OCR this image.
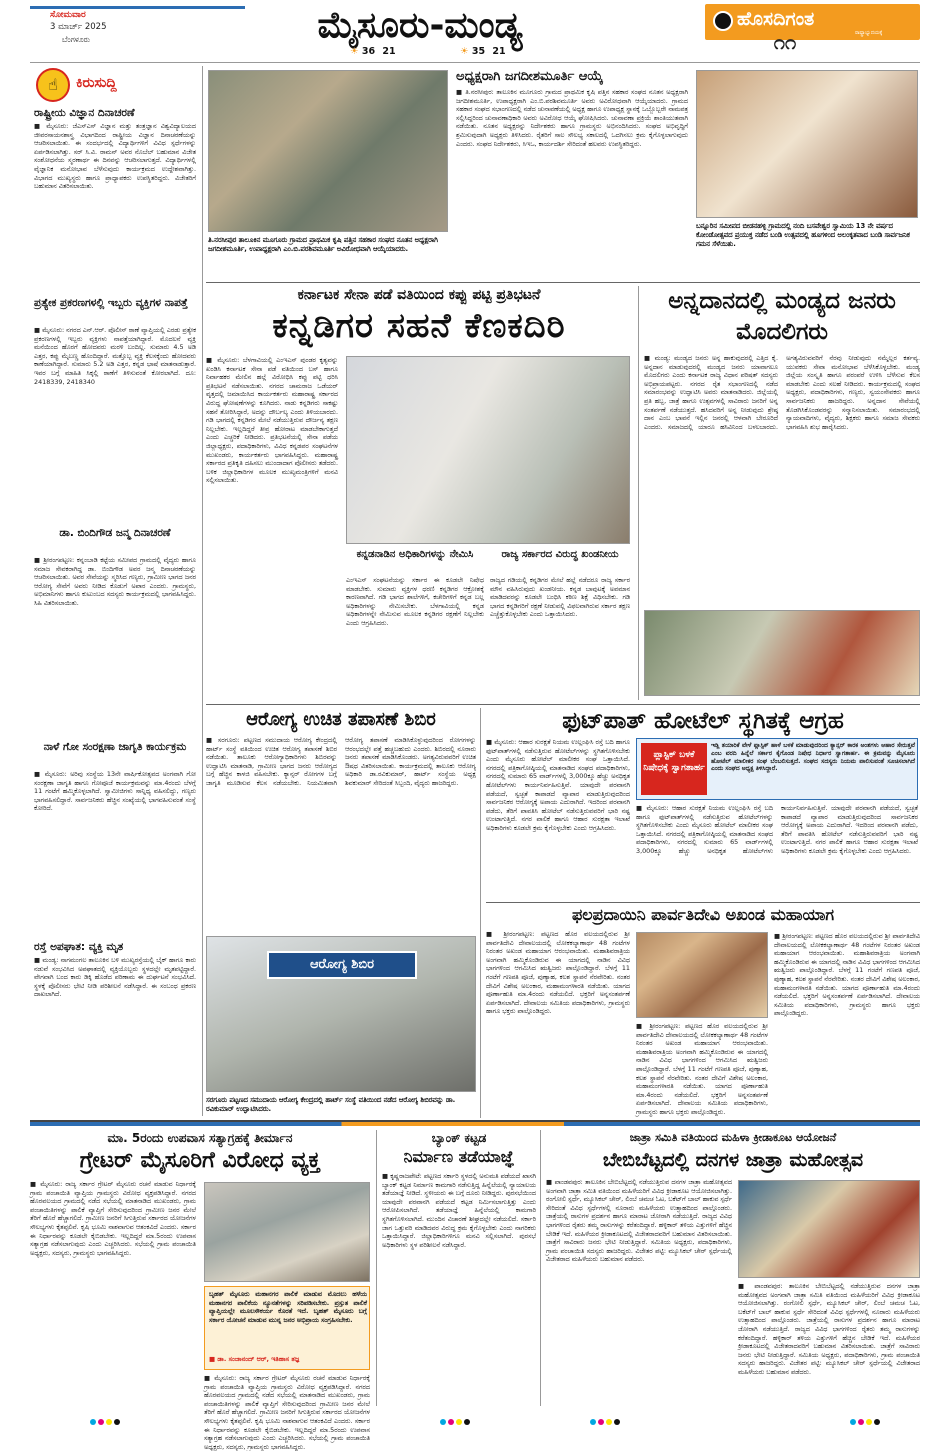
ಸೋಮವಾರ
3 ಮಾರ್ಚ್ 2025
ಬೆಂಗಳೂರು	ಮೈಸೂರು-ಮಂಡ್ಯ
☀ 36 21	☀ 35 21
ಹೊಸದಿಗಂತ
ರಾಷ್ಟ್ರಾಭ್ಯುದಯಕ್ಕೆ
೧೧
☝	ಕಿರುಸುದ್ದಿ
ರಾಷ್ಟ್ರೀಯ ವಿಜ್ಞಾನ ದಿನಾಚರಣೆ
■ ಮೈಸೂರು: ಜೆಎಸ್‌ಎಸ್ ವಿಜ್ಞಾನ ಮತ್ತು ತಂತ್ರಜ್ಞಾನ ವಿಶ್ವವಿದ್ಯಾಲಯದ ಜೀವರಸಾಯನಶಾಸ್ತ್ರ ವಿಭಾಗದಿಂದ ರಾಷ್ಟ್ರೀಯ ವಿಜ್ಞಾನ ದಿನಾಚರಣೆಯನ್ನು ಆಚರಿಸಲಾಯಿತು. ಈ ಸಂದರ್ಭದಲ್ಲಿ ವಿದ್ಯಾರ್ಥಿಗಳಿಗೆ ವಿವಿಧ ಸ್ಪರ್ಧೆಗಳನ್ನು ಏರ್ಪಡಿಸಲಾಗಿತ್ತು. ಸರ್ ಸಿ.ವಿ. ರಾಮನ್ ಅವರ ನೊಬೆಲ್ ಬಹುಮಾನ ವಿಜೇತ ಸಂಶೋಧನೆಯ ಸ್ಮರಣಾರ್ಥ ಈ ದಿನವನ್ನು ಆಚರಿಸಲಾಗುತ್ತದೆ. ವಿದ್ಯಾರ್ಥಿಗಳಲ್ಲಿ ವೈಜ್ಞಾನಿಕ ಮನೋಭಾವ ಬೆಳೆಸುವುದು ಕಾರ್ಯಕ್ರಮದ ಉದ್ದೇಶವಾಗಿತ್ತು. ವಿಭಾಗದ ಮುಖ್ಯಸ್ಥರು ಹಾಗೂ ಪ್ರಾಧ್ಯಾಪಕರು ಉಪಸ್ಥಿತರಿದ್ದರು. ವಿಜೇತರಿಗೆ ಬಹುಮಾನ ವಿತರಿಸಲಾಯಿತು.
ಪ್ರತ್ಯೇಕ ಪ್ರಕರಣಗಳಲ್ಲಿ ಇಬ್ಬರು ವ್ಯಕ್ತಿಗಳ ನಾಪತ್ತೆ
■ ಮೈಸೂರು: ನಗರದ ಎನ್.ಆರ್. ಪೊಲೀಸ್ ಠಾಣೆ ವ್ಯಾಪ್ತಿಯಲ್ಲಿ ಎರಡು ಪ್ರತ್ಯೇಕ ಪ್ರಕರಣಗಳಲ್ಲಿ ಇಬ್ಬರು ವ್ಯಕ್ತಿಗಳು ನಾಪತ್ತೆಯಾಗಿದ್ದಾರೆ. ಮೊದಲನೆ ವ್ಯಕ್ತಿ ಮನೆಯಿಂದ ಹೊರಗೆ ಹೋದವರು ಮರಳಿ ಬಂದಿಲ್ಲ. ಸುಮಾರು 4.5 ಅಡಿ ಎತ್ತರ, ಕಪ್ಪು ಮೈಬಣ್ಣ ಹೊಂದಿದ್ದಾರೆ. ಮತ್ತೊಬ್ಬ ವ್ಯಕ್ತಿ ಕೆಲಸಕ್ಕೆಂದು ಹೋದವರು ಕಾಣೆಯಾಗಿದ್ದಾರೆ. ಸುಮಾರು 5.2 ಅಡಿ ಎತ್ತರ, ಕನ್ನಡ ಭಾಷೆ ಮಾತನಾಡುತ್ತಾರೆ. ಇವರ ಬಗ್ಗೆ ಮಾಹಿತಿ ಸಿಕ್ಕಲ್ಲಿ ಠಾಣೆಗೆ ತಿಳಿಸುವಂತೆ ಕೋರಲಾಗಿದೆ. ದೂ: 2418339, 2418340
ಡಾ. ಬಿಂದಿಗೌಡ ಜನ್ಮ ದಿನಾಚರಣೆ
■ ಶ್ರೀರಂಗಪಟ್ಟಣ: ಕನ್ನಂಬಾಡಿ ಕಟ್ಟೆಯ ಸಮೀಪದ ಗ್ರಾಮದಲ್ಲಿ ವೈದ್ಯರು ಹಾಗೂ ಸಮಾಜ ಸೇವಕರಾಗಿದ್ದ ಡಾ. ಬಿಂದಿಗೌಡ ಅವರ ಜನ್ಮ ದಿನಾಚರಣೆಯನ್ನು ಆಚರಿಸಲಾಯಿತು. ಅವರ ಸೇವೆಯನ್ನು ಸ್ಮರಿಸಿದ ಗಣ್ಯರು, ಗ್ರಾಮೀಣ ಭಾಗದ ಜನರ ಆರೋಗ್ಯ ಸೇವೆಗೆ ಅವರು ನೀಡಿದ ಕೊಡುಗೆ ಅಪಾರ ಎಂದರು. ಗ್ರಾಮಸ್ಥರು, ಅಭಿಮಾನಿಗಳು ಹಾಗೂ ಕುಟುಂಬದ ಸದಸ್ಯರು ಕಾರ್ಯಕ್ರಮದಲ್ಲಿ ಭಾಗವಹಿಸಿದ್ದರು. ಸಿಹಿ ವಿತರಿಸಲಾಯಿತು.
ನಾಳೆ ಗೋ ಸಂರಕ್ಷಣಾ ಜಾಗೃತಿ ಕಾರ್ಯಕ್ರಮ
■ ಮೈಸೂರು: ಅರಿವು ಸಂಸ್ಥೆಯ 13ನೇ ವಾರ್ಷಿಕೋತ್ಸವದ ಅಂಗವಾಗಿ ಗೋ ಸಂರಕ್ಷಣಾ ಜಾಗೃತಿ ಹಾಗೂ ಗೋಪೂಜೆ ಕಾರ್ಯಕ್ರಮವನ್ನು ಮಾ.4ರಂದು ಬೆಳಗ್ಗೆ 11 ಗಂಟೆಗೆ ಹಮ್ಮಿಕೊಳ್ಳಲಾಗಿದೆ. ಸ್ವಾಮೀಜಿಗಳು ಸಾನ್ನಿಧ್ಯ ವಹಿಸಲಿದ್ದು, ಗಣ್ಯರು ಭಾಗವಹಿಸಲಿದ್ದಾರೆ. ಸಾರ್ವಜನಿಕರು ಹೆಚ್ಚಿನ ಸಂಖ್ಯೆಯಲ್ಲಿ ಭಾಗವಹಿಸುವಂತೆ ಸಂಸ್ಥೆ ಕೋರಿದೆ.
ರಸ್ತೆ ಅಪಘಾತ: ವ್ಯಕ್ತಿ ಮೃತ
■ ಮಂಡ್ಯ: ನಾಗಮಂಗಲ ತಾಲೂಕಿನ ಬಳಿ ಮುಖ್ಯರಸ್ತೆಯಲ್ಲಿ ಬೈಕ್ ಹಾಗೂ ಕಾರು ನಡುವೆ ಸಂಭವಿಸಿದ ಅಪಘಾತದಲ್ಲಿ ವ್ಯಕ್ತಿಯೊಬ್ಬರು ಸ್ಥಳದಲ್ಲೇ ಮೃತಪಟ್ಟಿದ್ದಾರೆ. ವೇಗವಾಗಿ ಬಂದ ಕಾರು ಡಿಕ್ಕಿ ಹೊಡೆದ ಪರಿಣಾಮ ಈ ದುರ್ಘಟನೆ ಸಂಭವಿಸಿದೆ. ಸ್ಥಳಕ್ಕೆ ಪೊಲೀಸರು ಭೇಟಿ ನೀಡಿ ಪರಿಶೀಲನೆ ನಡೆಸಿದ್ದಾರೆ. ಈ ಸಂಬಂಧ ಪ್ರಕರಣ ದಾಖಲಾಗಿದೆ.
ತಿ.ನರಸೀಪುರ ತಾಲೂಕಿನ ಮೂಗೂರು ಗ್ರಾಮದ ಪ್ರಾಥಮಿಕ ಕೃಷಿ ಪತ್ತಿನ ಸಹಕಾರ ಸಂಘದ ನೂತನ ಅಧ್ಯಕ್ಷರಾಗಿ ಜಗದೀಶಮೂರ್ತಿ, ಉಪಾಧ್ಯಕ್ಷರಾಗಿ ಎಂ.ಬಿ.ಪರಶಿವಮೂರ್ತಿ ಅವಿರೋಧವಾಗಿ ಆಯ್ಕೆಯಾದರು.
ಅಧ್ಯಕ್ಷರಾಗಿ ಜಗದೀಶಮೂರ್ತಿ ಆಯ್ಕೆ
■ ತಿ.ನರಸೀಪುರ: ತಾಲೂಕಿನ ಮೂಗೂರು ಗ್ರಾಮದ ಪ್ರಾಥಮಿಕ ಕೃಷಿ ಪತ್ತಿನ ಸಹಕಾರ ಸಂಘದ ನೂತನ ಅಧ್ಯಕ್ಷರಾಗಿ ಜಗದೀಶಮೂರ್ತಿ, ಉಪಾಧ್ಯಕ್ಷರಾಗಿ ಎಂ.ಬಿ.ಪರಶಿವಮೂರ್ತಿ ಅವರು ಅವಿರೋಧವಾಗಿ ಆಯ್ಕೆಯಾದರು. ಗ್ರಾಮದ ಸಹಕಾರ ಸಂಘದ ಸಭಾಂಗಣದಲ್ಲಿ ನಡೆದ ಚುನಾವಣೆಯಲ್ಲಿ ಅಧ್ಯಕ್ಷ ಹಾಗೂ ಉಪಾಧ್ಯಕ್ಷ ಸ್ಥಾನಕ್ಕೆ ಒಬ್ಬೊಬ್ಬರೇ ನಾಮಪತ್ರ ಸಲ್ಲಿಸಿದ್ದರಿಂದ ಚುನಾವಣಾಧಿಕಾರಿ ಅವರು ಅವಿರೋಧ ಆಯ್ಕೆ ಘೋಷಿಸಿದರು. ಚುನಾವಣಾ ಪ್ರಕ್ರಿಯೆ ಶಾಂತಿಯುತವಾಗಿ ನಡೆಯಿತು. ನೂತನ ಅಧ್ಯಕ್ಷರನ್ನು ನಿರ್ದೇಶಕರು ಹಾಗೂ ಗ್ರಾಮಸ್ಥರು ಅಭಿನಂದಿಸಿದರು. ಸಂಘದ ಅಭಿವೃದ್ಧಿಗೆ ಶ್ರಮಿಸುವುದಾಗಿ ಅಧ್ಯಕ್ಷರು ತಿಳಿಸಿದರು. ರೈತರಿಗೆ ಸಾಲ ಸೌಲಭ್ಯ ಸಕಾಲದಲ್ಲಿ ಒದಗಿಸಲು ಕ್ರಮ ಕೈಗೊಳ್ಳಲಾಗುವುದು ಎಂದರು. ಸಂಘದ ನಿರ್ದೇಶಕರು, ಸಿಇಒ, ಕಾರ್ಯದರ್ಶಿ ಸೇರಿದಂತೆ ಹಲವರು ಉಪಸ್ಥಿತರಿದ್ದರು.
ಬನ್ನೂರಿನ ಸಮೀಪದ ಬೀಡನಹಳ್ಳಿ ಗ್ರಾಮದಲ್ಲಿ ನಂದಿ ಬಸವೇಶ್ವರ ಸ್ವಾಮಿಯ 13 ನೇ ವರ್ಷದ ಕೋಂಡೋತ್ಸವದ ಪ್ರಯುಕ್ತ ನಡೆದ ಬಂಡಿ ಉತ್ಸವದಲ್ಲಿ ಹೂಗಳಿಂದ ಅಲಂಕೃತವಾದ ಬಂಡಿ ಸಾರ್ವಜನಿಕ ಗಮನ ಸೆಳೆಯಿತು.
ಕರ್ನಾಟಕ ಸೇನಾ ಪಡೆ ವತಿಯಿಂದ ಕಪ್ಪು ಪಟ್ಟಿ ಪ್ರತಿಭಟನೆ
ಕನ್ನಡಿಗರ ಸಹನೆ ಕೆಣಕದಿರಿ
■ ಮೈಸೂರು: ಬೆಳಗಾವಿಯಲ್ಲಿ ಎಂಇಎಸ್ ಪುಂಡರ ಕೃತ್ಯವನ್ನು ಖಂಡಿಸಿ ಕರ್ನಾಟಕ ಸೇನಾ ಪಡೆ ವತಿಯಿಂದ ಬಸ್ ಹಾಗೂ ನಿರ್ವಾಹಕರ ಮೇಲಿನ ಹಲ್ಲೆ ವಿರೋಧಿಸಿ ಕಪ್ಪು ಪಟ್ಟಿ ಧರಿಸಿ ಪ್ರತಿಭಟನೆ ನಡೆಸಲಾಯಿತು. ನಗರದ ಚಾಮರಾಜ ಒಡೆಯರ್ ವೃತ್ತದಲ್ಲಿ ಜಮಾಯಿಸಿದ ಕಾರ್ಯಕರ್ತರು ಮಹಾರಾಷ್ಟ್ರ ಸರ್ಕಾರದ ವಿರುದ್ಧ ಘೋಷಣೆಗಳನ್ನು ಕೂಗಿದರು. ನಾಡು ಕನ್ನಡಿಗರು ಸಾಕಷ್ಟು ಸಹನೆ ತೋರಿಸಿದ್ದಾರೆ, ಅದನ್ನು ದೌರ್ಬಲ್ಯ ಎಂದು ತಿಳಿಯಬಾರದು. ಗಡಿ ಭಾಗದಲ್ಲಿ ಕನ್ನಡಿಗರ ಮೇಲೆ ನಡೆಯುತ್ತಿರುವ ದೌರ್ಜನ್ಯ ತಕ್ಷಣ ನಿಲ್ಲಬೇಕು. ಇಲ್ಲದಿದ್ದರೆ ತೀವ್ರ ಹೋರಾಟ ಮಾಡಬೇಕಾಗುತ್ತದೆ ಎಂದು ಎಚ್ಚರಿಕೆ ನೀಡಿದರು. ಪ್ರತಿಭಟನೆಯಲ್ಲಿ ಸೇನಾ ಪಡೆಯ ಜಿಲ್ಲಾಧ್ಯಕ್ಷರು, ಪದಾಧಿಕಾರಿಗಳು, ವಿವಿಧ ಕನ್ನಡಪರ ಸಂಘಟನೆಗಳ ಮುಖಂಡರು, ಕಾರ್ಯಕರ್ತರು ಭಾಗವಹಿಸಿದ್ದರು. ಮಹಾರಾಷ್ಟ್ರ ಸರ್ಕಾರದ ಪ್ರತಿಕೃತಿ ದಹಿಸಲು ಮುಂದಾದಾಗ ಪೊಲೀಸರು ತಡೆದರು. ಬಳಿಕ ಜಿಲ್ಲಾಧಿಕಾರಿಗಳ ಮೂಲಕ ಮುಖ್ಯಮಂತ್ರಿಗಳಿಗೆ ಮನವಿ ಸಲ್ಲಿಸಲಾಯಿತು.
ಕನ್ನಡನಾಡಿನ ಅಧಿಕಾರಿಗಳನ್ನು ನೇಮಿಸಿ
ಎಂಇಎಸ್ ಸಂಘಟನೆಯನ್ನು ಸರ್ಕಾರ ಈ ಕೂಡಲೇ ನಿಷೇಧ ಮಾಡಬೇಕು. ಸುಮಾರು ವ್ಯಕ್ತಿಗಳ ಧರಣಿ ಕನ್ನಡಿಗರ ಆಕ್ರೋಶಕ್ಕೆ ಕಾರಣವಾಗಿದೆ. ಗಡಿ ಭಾಗದ ಶಾಲೆಗಳಿಗೆ, ಕಚೇರಿಗಳಿಗೆ ಕನ್ನಡ ಬಲ್ಲ ಅಧಿಕಾರಿಗಳನ್ನು ನೇಮಿಸಬೇಕು. ಬೆಳಗಾವಿಯಲ್ಲಿ ಕನ್ನಡ ಅಧಿಕಾರಿಗಳನ್ನೇ ನೇಮಿಸುವ ಮೂಲಕ ಕನ್ನಡಿಗರ ರಕ್ಷಣೆಗೆ ನಿಲ್ಲಬೇಕು ಎಂದು ಆಗ್ರಹಿಸಿದರು.
ರಾಜ್ಯ ಸರ್ಕಾರದ ವಿರುದ್ಧ ಖಂಡನೀಯ
ರಾಜ್ಯದ ಗಡಿಯಲ್ಲಿ ಕನ್ನಡಿಗರ ಮೇಲೆ ಹಲ್ಲೆ ನಡೆದರೂ ರಾಜ್ಯ ಸರ್ಕಾರ ಮೌನ ವಹಿಸಿರುವುದು ಖಂಡನೀಯ. ಕನ್ನಡ ಬಾವುಟಕ್ಕೆ ಅವಮಾನ ಮಾಡಿದವರನ್ನು ಕೂಡಲೇ ಬಂಧಿಸಿ ಕಠಿಣ ಶಿಕ್ಷೆ ವಿಧಿಸಬೇಕು. ಗಡಿ ಭಾಗದ ಕನ್ನಡಿಗರಿಗೆ ರಕ್ಷಣೆ ನೀಡುವಲ್ಲಿ ವಿಫಲವಾಗಿರುವ ಸರ್ಕಾರ ತಕ್ಷಣ ಎಚ್ಚೆತ್ತುಕೊಳ್ಳಬೇಕು ಎಂದು ಒತ್ತಾಯಿಸಿದರು.
ಅನ್ನದಾನದಲ್ಲಿ ಮಂಡ್ಯದ ಜನರು ಮೊದಲಿಗರು
■ ಮಂಡ್ಯ: ಮಂಡ್ಯದ ಜನರು ಅನ್ನ ಹಾಕುವುದರಲ್ಲಿ ಎತ್ತಿದ ಕೈ. ಅನ್ನದಾನ ಮಾಡುವುದರಲ್ಲಿ ಮಂಡ್ಯದ ಜನರು ಯಾವಾಗಲೂ ಮೊದಲಿಗರು ಎಂದು ಕರ್ನಾಟಕ ರಾಜ್ಯ ವಿಧಾನ ಪರಿಷತ್ ಸದಸ್ಯರು ಅಭಿಪ್ರಾಯಪಟ್ಟರು. ನಗರದ ರೈತ ಸಭಾಂಗಣದಲ್ಲಿ ನಡೆದ ಸಮಾರಂಭವನ್ನು ಉದ್ಘಾಟಿಸಿ ಅವರು ಮಾತನಾಡಿದರು. ಜಿಲ್ಲೆಯಲ್ಲಿ ಪ್ರತಿ ಹಬ್ಬ, ಜಾತ್ರೆ ಹಾಗೂ ಉತ್ಸವಗಳಲ್ಲಿ ಸಾವಿರಾರು ಜನರಿಗೆ ಅನ್ನ ಸಂತರ್ಪಣೆ ನಡೆಯುತ್ತದೆ. ಹಸಿದವರಿಗೆ ಅನ್ನ ನೀಡುವುದು ಶ್ರೇಷ್ಠ ದಾನ ಎಂಬ ಭಾವನೆ ಇಲ್ಲಿನ ಜನರಲ್ಲಿ ಆಳವಾಗಿ ಬೇರೂರಿದೆ ಎಂದರು. ಸಮಾಜದಲ್ಲಿ ಯಾರೂ ಹಸಿವಿನಿಂದ ಬಳಲಬಾರದು. ಅಗತ್ಯವಿರುವವರಿಗೆ ನೆರವು ನೀಡುವುದು ನಮ್ಮೆಲ್ಲರ ಕರ್ತವ್ಯ. ಯುವಕರು ಸೇವಾ ಮನೋಭಾವ ಬೆಳೆಸಿಕೊಳ್ಳಬೇಕು. ಮಂಡ್ಯ ಜಿಲ್ಲೆಯ ಸಂಸ್ಕೃತಿ ಹಾಗೂ ಪರಂಪರೆ ಉಳಿಸಿ ಬೆಳೆಸುವ ಕೆಲಸ ಮಾಡಬೇಕು ಎಂದು ಸಲಹೆ ನೀಡಿದರು. ಕಾರ್ಯಕ್ರಮದಲ್ಲಿ ಸಂಘದ ಅಧ್ಯಕ್ಷರು, ಪದಾಧಿಕಾರಿಗಳು, ಗಣ್ಯರು, ಸ್ವಯಂಸೇವಕರು ಹಾಗೂ ಸಾರ್ವಜನಿಕರು ಹಾಜರಿದ್ದರು. ಅನ್ನದಾನ ಸೇವೆಯಲ್ಲಿ ತೊಡಗಿಸಿಕೊಂಡವರನ್ನು ಸನ್ಮಾನಿಸಲಾಯಿತು. ಸಮಾರಂಭದಲ್ಲಿ ನ್ಯಾಯವಾದಿಗಳು, ವೈದ್ಯರು, ಶಿಕ್ಷಕರು ಹಾಗೂ ಸಮಾಜ ಸೇವಕರು ಭಾಗವಹಿಸಿ ಶುಭ ಹಾರೈಸಿದರು.
ಆರೋಗ್ಯ ಉಚಿತ ತಪಾಸಣೆ ಶಿಬಿರ
■ ಸರಗೂರು: ಪಟ್ಟಣದ ಸಮುದಾಯ ಆರೋಗ್ಯ ಕೇಂದ್ರದಲ್ಲಿ ಹಾರ್ಟ್ ಸಂಸ್ಥೆ ವತಿಯಿಂದ ಉಚಿತ ಆರೋಗ್ಯ ತಪಾಸಣೆ ಶಿಬಿರ ನಡೆಯಿತು. ತಾಲೂಕು ಆರೋಗ್ಯಾಧಿಕಾರಿಗಳು ಶಿಬಿರವನ್ನು ಉದ್ಘಾಟಿಸಿ ಮಾತನಾಡಿ, ಗ್ರಾಮೀಣ ಭಾಗದ ಜನರು ಆರೋಗ್ಯದ ಬಗ್ಗೆ ಹೆಚ್ಚಿನ ಕಾಳಜಿ ವಹಿಸಬೇಕು. ಕ್ಯಾನ್ಸರ್ ರೋಗಗಳ ಬಗ್ಗೆ ಜಾಗೃತಿ ಮೂಡಿಸುವ ಕೆಲಸ ನಡೆಯಬೇಕು. ನಿಯಮಿತವಾಗಿ ಆರೋಗ್ಯ ತಪಾಸಣೆ ಮಾಡಿಸಿಕೊಳ್ಳುವುದರಿಂದ ರೋಗಗಳನ್ನು ಆರಂಭದಲ್ಲೇ ಪತ್ತೆ ಹಚ್ಚಬಹುದು ಎಂದರು. ಶಿಬಿರದಲ್ಲಿ ನೂರಾರು ಜನರು ತಪಾಸಣೆ ಮಾಡಿಸಿಕೊಂಡರು. ಅಗತ್ಯವಿರುವವರಿಗೆ ಉಚಿತ ಔಷಧ ವಿತರಿಸಲಾಯಿತು. ಕಾರ್ಯಕ್ರಮದಲ್ಲಿ ತಾಲೂಕು ಆರೋಗ್ಯ ಅಧಿಕಾರಿ ಡಾ.ರವಿಕುಮಾರ್, ಹಾರ್ಟ್ ಸಂಸ್ಥೆಯ ಅಧ್ಯಕ್ಷ ಶಿವಕುಮಾರ್ ಸೇರಿದಂತೆ ಸಿಬ್ಬಂದಿ, ವೈದ್ಯರು ಹಾಜರಿದ್ದರು.
ಆರೋಗ್ಯ ಶಿಬಿರ
ಸರಗೂರು ಪಟ್ಟಣದ ಸಮುದಾಯ ಆರೋಗ್ಯ ಕೇಂದ್ರದಲ್ಲಿ ಹಾರ್ಟ್ ಸಂಸ್ಥೆ ವತಿಯಿಂದ ನಡೆದ ಆರೋಗ್ಯ ಶಿಬಿರವನ್ನು ಡಾ. ರವಿಕುಮಾರ್ ಉದ್ಘಾಟಿಸಿದರು.
ಫುಟ್‌ಪಾತ್ ಹೋಟೆಲ್ ಸ್ಥಗಿತಕ್ಕೆ ಆಗ್ರಹ
ಪ್ಲಾಸ್ಟಿಕ್ ಬಳಕೆ ನಿಷೇಧಕ್ಕೆ ಸ್ವಾಗತಾರ್ಹ
ಇಡ್ಲಿ ತಯಾರಿಕೆ ವೇಳೆ ಪ್ಲಾಸ್ಟಿಕ್ ಹಾಳೆ ಬಳಕೆ ಮಾಡುವುದರಿಂದ ಕ್ಯಾನ್ಸರ್ ಕಾರಕ ಅಂಶಗಳು ಆಹಾರ ಸೇರುತ್ತವೆ ಎಂಬ ವರದಿ ಹಿನ್ನೆಲೆ ಸರ್ಕಾರ ಕೈಗೊಂಡ ನಿಷೇಧ ನಿರ್ಧಾರ ಸ್ವಾಗತಾರ್ಹ. ಈ ಕ್ರಮವನ್ನು ಮೈಸೂರು ಹೋಟೆಲ್ ಮಾಲೀಕರ ಸಂಘ ಬೆಂಬಲಿಸುತ್ತದೆ. ಸಂಘದ ಸದಸ್ಯರು ನಿಯಮ ಪಾಲಿಸುವಂತೆ ಸೂಚಿಸಲಾಗಿದೆ ಎಂದು ಸಂಘದ ಅಧ್ಯಕ್ಷ ತಿಳಿಸಿದ್ದಾರೆ.
■ ಮೈಸೂರು: ಆಹಾರ ಸುರಕ್ಷತೆ ನಿಯಮ ಉಲ್ಲಂಘಿಸಿ ರಸ್ತೆ ಬದಿ ಹಾಗೂ ಫುಟ್‌ಪಾತ್‌ಗಳಲ್ಲಿ ನಡೆಸುತ್ತಿರುವ ಹೋಟೆಲ್‌ಗಳನ್ನು ಸ್ಥಗಿತಗೊಳಿಸಬೇಕು ಎಂದು ಮೈಸೂರು ಹೋಟೆಲ್ ಮಾಲೀಕರ ಸಂಘ ಒತ್ತಾಯಿಸಿದೆ. ನಗರದಲ್ಲಿ ಪತ್ರಿಕಾಗೋಷ್ಠಿಯಲ್ಲಿ ಮಾತನಾಡಿದ ಸಂಘದ ಪದಾಧಿಕಾರಿಗಳು, ನಗರದಲ್ಲಿ ಸುಮಾರು 65 ವಾರ್ಡ್‌ಗಳಲ್ಲಿ 3,000ಕ್ಕೂ ಹೆಚ್ಚು ಅನಧಿಕೃತ ಹೋಟೆಲ್‌ಗಳು ಕಾರ್ಯನಿರ್ವಹಿಸುತ್ತಿವೆ. ಯಾವುದೇ ಪರವಾನಗಿ ಪಡೆಯದೆ, ಸ್ವಚ್ಛತೆ ಕಾಪಾಡದೆ ವ್ಯಾಪಾರ ಮಾಡುತ್ತಿರುವುದರಿಂದ ಸಾರ್ವಜನಿಕರ ಆರೋಗ್ಯಕ್ಕೆ ಅಪಾಯ ಎದುರಾಗಿದೆ. ಇದರಿಂದ ಪರವಾನಗಿ ಪಡೆದು, ತೆರಿಗೆ ಪಾವತಿಸಿ ಹೋಟೆಲ್ ನಡೆಸುತ್ತಿರುವವರಿಗೆ ಭಾರಿ ನಷ್ಟ ಉಂಟಾಗುತ್ತಿದೆ. ನಗರ ಪಾಲಿಕೆ ಹಾಗೂ ಆಹಾರ ಸುರಕ್ಷತಾ ಇಲಾಖೆ ಅಧಿಕಾರಿಗಳು ಕೂಡಲೇ ಕ್ರಮ ಕೈಗೊಳ್ಳಬೇಕು ಎಂದು ಆಗ್ರಹಿಸಿದರು.
■ ಮೈಸೂರು: ಆಹಾರ ಸುರಕ್ಷತೆ ನಿಯಮ ಉಲ್ಲಂಘಿಸಿ ರಸ್ತೆ ಬದಿ ಹಾಗೂ ಫುಟ್‌ಪಾತ್‌ಗಳಲ್ಲಿ ನಡೆಸುತ್ತಿರುವ ಹೋಟೆಲ್‌ಗಳನ್ನು ಸ್ಥಗಿತಗೊಳಿಸಬೇಕು ಎಂದು ಮೈಸೂರು ಹೋಟೆಲ್ ಮಾಲೀಕರ ಸಂಘ ಒತ್ತಾಯಿಸಿದೆ. ನಗರದಲ್ಲಿ ಪತ್ರಿಕಾಗೋಷ್ಠಿಯಲ್ಲಿ ಮಾತನಾಡಿದ ಸಂಘದ ಪದಾಧಿಕಾರಿಗಳು, ನಗರದಲ್ಲಿ ಸುಮಾರು 65 ವಾರ್ಡ್‌ಗಳಲ್ಲಿ 3,000ಕ್ಕೂ ಹೆಚ್ಚು ಅನಧಿಕೃತ ಹೋಟೆಲ್‌ಗಳು ಕಾರ್ಯನಿರ್ವಹಿಸುತ್ತಿವೆ. ಯಾವುದೇ ಪರವಾನಗಿ ಪಡೆಯದೆ, ಸ್ವಚ್ಛತೆ ಕಾಪಾಡದೆ ವ್ಯಾಪಾರ ಮಾಡುತ್ತಿರುವುದರಿಂದ ಸಾರ್ವಜನಿಕರ ಆರೋಗ್ಯಕ್ಕೆ ಅಪಾಯ ಎದುರಾಗಿದೆ. ಇದರಿಂದ ಪರವಾನಗಿ ಪಡೆದು, ತೆರಿಗೆ ಪಾವತಿಸಿ ಹೋಟೆಲ್ ನಡೆಸುತ್ತಿರುವವರಿಗೆ ಭಾರಿ ನಷ್ಟ ಉಂಟಾಗುತ್ತಿದೆ. ನಗರ ಪಾಲಿಕೆ ಹಾಗೂ ಆಹಾರ ಸುರಕ್ಷತಾ ಇಲಾಖೆ ಅಧಿಕಾರಿಗಳು ಕೂಡಲೇ ಕ್ರಮ ಕೈಗೊಳ್ಳಬೇಕು ಎಂದು ಆಗ್ರಹಿಸಿದರು.
ಫಲಪ್ರದಾಯಿನಿ ಪಾರ್ವತಿದೇವಿ ಅಖಂಡ ಮಹಾಯಾಗ
■ ಶ್ರೀರಂಗಪಟ್ಟಣ: ಪಟ್ಟಣದ ಹೊರ ವಲಯದಲ್ಲಿರುವ ಶ್ರೀ ಪಾರ್ವತಿದೇವಿ ದೇವಾಲಯದಲ್ಲಿ ಲೋಕಕಲ್ಯಾಣಾರ್ಥ 48 ಗಂಟೆಗಳ ನಿರಂತರ ಅಖಂಡ ಮಹಾಯಾಗ ಆರಂಭವಾಯಿತು. ಮಹಾಶಿವರಾತ್ರಿಯ ಅಂಗವಾಗಿ ಹಮ್ಮಿಕೊಂಡಿರುವ ಈ ಯಾಗದಲ್ಲಿ ನಾಡಿನ ವಿವಿಧ ಭಾಗಗಳಿಂದ ಆಗಮಿಸಿದ ಋತ್ವಿಜರು ಪಾಲ್ಗೊಂಡಿದ್ದಾರೆ. ಬೆಳಗ್ಗೆ 11 ಗಂಟೆಗೆ ಗಣಪತಿ ಪೂಜೆ, ಪುಣ್ಯಾಹ, ಕಲಶ ಸ್ಥಾಪನೆ ನೆರವೇರಿತು. ನಂತರ ದೇವಿಗೆ ವಿಶೇಷ ಅಲಂಕಾರ, ಮಹಾಮಂಗಳಾರತಿ ನಡೆಯಿತು. ಯಾಗದ ಪೂರ್ಣಾಹುತಿ ಮಾ.4ರಂದು ನಡೆಯಲಿದೆ. ಭಕ್ತರಿಗೆ ಅನ್ನಸಂತರ್ಪಣೆ ಏರ್ಪಡಿಸಲಾಗಿದೆ. ದೇವಾಲಯ ಸಮಿತಿಯ ಪದಾಧಿಕಾರಿಗಳು, ಗ್ರಾಮಸ್ಥರು ಹಾಗೂ ಭಕ್ತರು ಪಾಲ್ಗೊಂಡಿದ್ದರು.
■ ಶ್ರೀರಂಗಪಟ್ಟಣ: ಪಟ್ಟಣದ ಹೊರ ವಲಯದಲ್ಲಿರುವ ಶ್ರೀ ಪಾರ್ವತಿದೇವಿ ದೇವಾಲಯದಲ್ಲಿ ಲೋಕಕಲ್ಯಾಣಾರ್ಥ 48 ಗಂಟೆಗಳ ನಿರಂತರ ಅಖಂಡ ಮಹಾಯಾಗ ಆರಂಭವಾಯಿತು. ಮಹಾಶಿವರಾತ್ರಿಯ ಅಂಗವಾಗಿ ಹಮ್ಮಿಕೊಂಡಿರುವ ಈ ಯಾಗದಲ್ಲಿ ನಾಡಿನ ವಿವಿಧ ಭಾಗಗಳಿಂದ ಆಗಮಿಸಿದ ಋತ್ವಿಜರು ಪಾಲ್ಗೊಂಡಿದ್ದಾರೆ. ಬೆಳಗ್ಗೆ 11 ಗಂಟೆಗೆ ಗಣಪತಿ ಪೂಜೆ, ಪುಣ್ಯಾಹ, ಕಲಶ ಸ್ಥಾಪನೆ ನೆರವೇರಿತು. ನಂತರ ದೇವಿಗೆ ವಿಶೇಷ ಅಲಂಕಾರ, ಮಹಾಮಂಗಳಾರತಿ ನಡೆಯಿತು. ಯಾಗದ ಪೂರ್ಣಾಹುತಿ ಮಾ.4ರಂದು ನಡೆಯಲಿದೆ. ಭಕ್ತರಿಗೆ ಅನ್ನಸಂತರ್ಪಣೆ ಏರ್ಪಡಿಸಲಾಗಿದೆ. ದೇವಾಲಯ ಸಮಿತಿಯ ಪದಾಧಿಕಾರಿಗಳು, ಗ್ರಾಮಸ್ಥರು ಹಾಗೂ ಭಕ್ತರು ಪಾಲ್ಗೊಂಡಿದ್ದರು.
■ ಶ್ರೀರಂಗಪಟ್ಟಣ: ಪಟ್ಟಣದ ಹೊರ ವಲಯದಲ್ಲಿರುವ ಶ್ರೀ ಪಾರ್ವತಿದೇವಿ ದೇವಾಲಯದಲ್ಲಿ ಲೋಕಕಲ್ಯಾಣಾರ್ಥ 48 ಗಂಟೆಗಳ ನಿರಂತರ ಅಖಂಡ ಮಹಾಯಾಗ ಆರಂಭವಾಯಿತು. ಮಹಾಶಿವರಾತ್ರಿಯ ಅಂಗವಾಗಿ ಹಮ್ಮಿಕೊಂಡಿರುವ ಈ ಯಾಗದಲ್ಲಿ ನಾಡಿನ ವಿವಿಧ ಭಾಗಗಳಿಂದ ಆಗಮಿಸಿದ ಋತ್ವಿಜರು ಪಾಲ್ಗೊಂಡಿದ್ದಾರೆ. ಬೆಳಗ್ಗೆ 11 ಗಂಟೆಗೆ ಗಣಪತಿ ಪೂಜೆ, ಪುಣ್ಯಾಹ, ಕಲಶ ಸ್ಥಾಪನೆ ನೆರವೇರಿತು. ನಂತರ ದೇವಿಗೆ ವಿಶೇಷ ಅಲಂಕಾರ, ಮಹಾಮಂಗಳಾರತಿ ನಡೆಯಿತು. ಯಾಗದ ಪೂರ್ಣಾಹುತಿ ಮಾ.4ರಂದು ನಡೆಯಲಿದೆ. ಭಕ್ತರಿಗೆ ಅನ್ನಸಂತರ್ಪಣೆ ಏರ್ಪಡಿಸಲಾಗಿದೆ. ದೇವಾಲಯ ಸಮಿತಿಯ ಪದಾಧಿಕಾರಿಗಳು, ಗ್ರಾಮಸ್ಥರು ಹಾಗೂ ಭಕ್ತರು ಪಾಲ್ಗೊಂಡಿದ್ದರು.
ಮಾ. 5ರಂದು ಉಪವಾಸ ಸತ್ಯಾಗ್ರಹಕ್ಕೆ ತೀರ್ಮಾನ
ಗ್ರೇಟರ್ ಮೈಸೂರಿಗೆ ವಿರೋಧ ವ್ಯಕ್ತ
■ ಮೈಸೂರು: ರಾಜ್ಯ ಸರ್ಕಾರ ಗ್ರೇಟರ್ ಮೈಸೂರು ರಚನೆ ಮಾಡುವ ನಿರ್ಧಾರಕ್ಕೆ ಗ್ರಾಮ ಪಂಚಾಯಿತಿ ವ್ಯಾಪ್ತಿಯ ಗ್ರಾಮಸ್ಥರು ವಿರೋಧ ವ್ಯಕ್ತಪಡಿಸಿದ್ದಾರೆ. ನಗರದ ಹೊರವಲಯದ ಗ್ರಾಮದಲ್ಲಿ ನಡೆದ ಸಭೆಯಲ್ಲಿ ಮಾತನಾಡಿದ ಮುಖಂಡರು, ಗ್ರಾಮ ಪಂಚಾಯಿತಿಗಳನ್ನು ಪಾಲಿಕೆ ವ್ಯಾಪ್ತಿಗೆ ಸೇರಿಸುವುದರಿಂದ ಗ್ರಾಮೀಣ ಜನರ ಮೇಲೆ ತೆರಿಗೆ ಹೊರೆ ಹೆಚ್ಚಾಗಲಿದೆ. ಗ್ರಾಮೀಣ ಜನರಿಗೆ ಸಿಗುತ್ತಿರುವ ಸರ್ಕಾರದ ಯೋಜನೆಗಳ ಸೌಲಭ್ಯಗಳು ಕೈತಪ್ಪಲಿವೆ. ಕೃಷಿ ಭೂಮಿ ನಾಶವಾಗುವ ಆತಂಕವಿದೆ ಎಂದರು. ಸರ್ಕಾರ ಈ ನಿರ್ಧಾರವನ್ನು ಕೂಡಲೇ ಕೈಬಿಡಬೇಕು. ಇಲ್ಲದಿದ್ದರೆ ಮಾ.5ರಂದು ಉಪವಾಸ ಸತ್ಯಾಗ್ರಹ ನಡೆಸಲಾಗುವುದು ಎಂದು ಎಚ್ಚರಿಸಿದರು. ಸಭೆಯಲ್ಲಿ ಗ್ರಾಮ ಪಂಚಾಯಿತಿ ಅಧ್ಯಕ್ಷರು, ಸದಸ್ಯರು, ಗ್ರಾಮಸ್ಥರು ಭಾಗವಹಿಸಿದ್ದರು.
ಬೃಹತ್ ಮೈಸೂರು ಮಹಾನಗರ ಪಾಲಿಕೆ ಮಾಡುವ ಮೊದಲು ಹಳೆಯ ಮಹಾನಗರ ಪಾಲಿಕೆಯ ನ್ಯೂನತೆಗಳನ್ನು ಸರಿಪಡಿಸಬೇಕು. ಪ್ರಸ್ತುತ ಪಾಲಿಕೆ ವ್ಯಾಪ್ತಿಯಲ್ಲೇ ಮೂಲಸೌಕರ್ಯ ಕೊರತೆ ಇದೆ. ಬೃಹತ್ ಮೈಸೂರು ಬಗ್ಗೆ ಸರ್ಕಾರ ಯೋಚನೆ ಮಾಡುವ ಮುನ್ನ ಜನರ ಅಭಿಪ್ರಾಯ ಸಂಗ್ರಹಿಸಬೇಕು.
■ ಡಾ. ಸಂಜಾನಂದ್ ಆರ್, ಇತಿಹಾಸ ತಜ್ಞ
■ ಮೈಸೂರು: ರಾಜ್ಯ ಸರ್ಕಾರ ಗ್ರೇಟರ್ ಮೈಸೂರು ರಚನೆ ಮಾಡುವ ನಿರ್ಧಾರಕ್ಕೆ ಗ್ರಾಮ ಪಂಚಾಯಿತಿ ವ್ಯಾಪ್ತಿಯ ಗ್ರಾಮಸ್ಥರು ವಿರೋಧ ವ್ಯಕ್ತಪಡಿಸಿದ್ದಾರೆ. ನಗರದ ಹೊರವಲಯದ ಗ್ರಾಮದಲ್ಲಿ ನಡೆದ ಸಭೆಯಲ್ಲಿ ಮಾತನಾಡಿದ ಮುಖಂಡರು, ಗ್ರಾಮ ಪಂಚಾಯಿತಿಗಳನ್ನು ಪಾಲಿಕೆ ವ್ಯಾಪ್ತಿಗೆ ಸೇರಿಸುವುದರಿಂದ ಗ್ರಾಮೀಣ ಜನರ ಮೇಲೆ ತೆರಿಗೆ ಹೊರೆ ಹೆಚ್ಚಾಗಲಿದೆ. ಗ್ರಾಮೀಣ ಜನರಿಗೆ ಸಿಗುತ್ತಿರುವ ಸರ್ಕಾರದ ಯೋಜನೆಗಳ ಸೌಲಭ್ಯಗಳು ಕೈತಪ್ಪಲಿವೆ. ಕೃಷಿ ಭೂಮಿ ನಾಶವಾಗುವ ಆತಂಕವಿದೆ ಎಂದರು. ಸರ್ಕಾರ ಈ ನಿರ್ಧಾರವನ್ನು ಕೂಡಲೇ ಕೈಬಿಡಬೇಕು. ಇಲ್ಲದಿದ್ದರೆ ಮಾ.5ರಂದು ಉಪವಾಸ ಸತ್ಯಾಗ್ರಹ ನಡೆಸಲಾಗುವುದು ಎಂದು ಎಚ್ಚರಿಸಿದರು. ಸಭೆಯಲ್ಲಿ ಗ್ರಾಮ ಪಂಚಾಯಿತಿ ಅಧ್ಯಕ್ಷರು, ಸದಸ್ಯರು, ಗ್ರಾಮಸ್ಥರು ಭಾಗವಹಿಸಿದ್ದರು.
ಬ್ಯಾಂಕ್ ಕಟ್ಟಡ
ನಿರ್ಮಾಣ ತಡೆಯಾಜ್ಞೆ
■ ಕೃಷ್ಣರಾಜಪೇಟೆ: ಪಟ್ಟಣದ ಸರ್ಕಾರಿ ಸ್ಥಳದಲ್ಲಿ ಅನುಮತಿ ಪಡೆಯದೆ ಖಾಸಗಿ ಬ್ಯಾಂಕ್ ಕಟ್ಟಡ ನಿರ್ಮಾಣ ಕಾಮಗಾರಿ ನಡೆಸುತ್ತಿದ್ದ ಹಿನ್ನೆಲೆಯಲ್ಲಿ ನ್ಯಾಯಾಲಯ ತಡೆಯಾಜ್ಞೆ ನೀಡಿದೆ. ಸ್ಥಳೀಯರು ಈ ಬಗ್ಗೆ ದೂರು ನೀಡಿದ್ದರು. ಪುರಸಭೆಯಿಂದ ಯಾವುದೇ ಪರವಾನಗಿ ಪಡೆಯದೆ ಕಟ್ಟಡ ನಿರ್ಮಿಸಲಾಗುತ್ತಿತ್ತು ಎಂದು ಆರೋಪಿಸಲಾಗಿದೆ. ತಡೆಯಾಜ್ಞೆ ಹಿನ್ನೆಲೆಯಲ್ಲಿ ಕಾಮಗಾರಿ ಸ್ಥಗಿತಗೊಳಿಸಲಾಗಿದೆ. ಮುಂದಿನ ವಿಚಾರಣೆ ಶೀಘ್ರದಲ್ಲೇ ನಡೆಯಲಿದೆ. ಸರ್ಕಾರಿ ಜಾಗ ಒತ್ತುವರಿ ಮಾಡಿದವರ ವಿರುದ್ಧ ಕ್ರಮ ಕೈಗೊಳ್ಳಬೇಕು ಎಂದು ನಾಗರಿಕರು ಒತ್ತಾಯಿಸಿದ್ದಾರೆ. ಜಿಲ್ಲಾಧಿಕಾರಿಗಳಿಗೂ ಮನವಿ ಸಲ್ಲಿಸಲಾಗಿದೆ. ಪುರಸಭೆ ಅಧಿಕಾರಿಗಳು ಸ್ಥಳ ಪರಿಶೀಲನೆ ನಡೆಸಿದ್ದಾರೆ.
ಜಾತ್ರಾ ಸಮಿತಿ ವತಿಯಿಂದ ಮಹಿಳಾ ಕ್ರೀಡಾಕೂಟ ಆಯೋಜನೆ
ಬೇಬಿಬೆಟ್ಟದಲ್ಲಿ ದನಗಳ ಜಾತ್ರಾ ಮಹೋತ್ಸವ
■ ಪಾಂಡವಪುರ: ತಾಲೂಕಿನ ಬೇಬಿಬೆಟ್ಟದಲ್ಲಿ ನಡೆಯುತ್ತಿರುವ ದನಗಳ ಜಾತ್ರಾ ಮಹೋತ್ಸವದ ಅಂಗವಾಗಿ ಜಾತ್ರಾ ಸಮಿತಿ ವತಿಯಿಂದ ಮಹಿಳೆಯರಿಗೆ ವಿವಿಧ ಕ್ರೀಡಾಕೂಟ ಆಯೋಜಿಸಲಾಗಿತ್ತು. ರಂಗೋಲಿ ಸ್ಪರ್ಧೆ, ಮ್ಯೂಸಿಕಲ್ ಚೇರ್, ಲಿಂಬೆ ಚಮಚ ಓಟ, ಬಕೆಟ್‌ಗೆ ಬಾಲ್ ಹಾಕುವ ಸ್ಪರ್ಧೆ ಸೇರಿದಂತೆ ವಿವಿಧ ಸ್ಪರ್ಧೆಗಳಲ್ಲಿ ನೂರಾರು ಮಹಿಳೆಯರು ಉತ್ಸಾಹದಿಂದ ಪಾಲ್ಗೊಂಡರು. ಜಾತ್ರೆಯಲ್ಲಿ ರಾಸುಗಳ ಪ್ರದರ್ಶನ ಹಾಗೂ ಮಾರಾಟ ಜೋರಾಗಿ ನಡೆಯುತ್ತಿದೆ. ರಾಜ್ಯದ ವಿವಿಧ ಭಾಗಗಳಿಂದ ರೈತರು ತಮ್ಮ ರಾಸುಗಳನ್ನು ಕರೆತಂದಿದ್ದಾರೆ. ಹಳ್ಳಿಕಾರ್ ತಳಿಯ ಎತ್ತುಗಳಿಗೆ ಹೆಚ್ಚಿನ ಬೇಡಿಕೆ ಇದೆ. ಮಹಿಳೆಯರ ಕ್ರೀಡಾಕೂಟದಲ್ಲಿ ವಿಜೇತರಾದವರಿಗೆ ಬಹುಮಾನ ವಿತರಿಸಲಾಯಿತು. ಜಾತ್ರೆಗೆ ಸಾವಿರಾರು ಜನರು ಭೇಟಿ ನೀಡುತ್ತಿದ್ದಾರೆ. ಸಮಿತಿಯ ಅಧ್ಯಕ್ಷರು, ಪದಾಧಿಕಾರಿಗಳು, ಗ್ರಾಮ ಪಂಚಾಯಿತಿ ಸದಸ್ಯರು ಹಾಜರಿದ್ದರು. ವಿಜೇತರ ಪಟ್ಟಿ: ಮ್ಯೂಸಿಕಲ್ ಚೇರ್ ಸ್ಪರ್ಧೆಯಲ್ಲಿ ವಿಜೇತರಾದ ಮಹಿಳೆಯರು ಬಹುಮಾನ ಪಡೆದರು.
■ ಪಾಂಡವಪುರ: ತಾಲೂಕಿನ ಬೇಬಿಬೆಟ್ಟದಲ್ಲಿ ನಡೆಯುತ್ತಿರುವ ದನಗಳ ಜಾತ್ರಾ ಮಹೋತ್ಸವದ ಅಂಗವಾಗಿ ಜಾತ್ರಾ ಸಮಿತಿ ವತಿಯಿಂದ ಮಹಿಳೆಯರಿಗೆ ವಿವಿಧ ಕ್ರೀಡಾಕೂಟ ಆಯೋಜಿಸಲಾಗಿತ್ತು. ರಂಗೋಲಿ ಸ್ಪರ್ಧೆ, ಮ್ಯೂಸಿಕಲ್ ಚೇರ್, ಲಿಂಬೆ ಚಮಚ ಓಟ, ಬಕೆಟ್‌ಗೆ ಬಾಲ್ ಹಾಕುವ ಸ್ಪರ್ಧೆ ಸೇರಿದಂತೆ ವಿವಿಧ ಸ್ಪರ್ಧೆಗಳಲ್ಲಿ ನೂರಾರು ಮಹಿಳೆಯರು ಉತ್ಸಾಹದಿಂದ ಪಾಲ್ಗೊಂಡರು. ಜಾತ್ರೆಯಲ್ಲಿ ರಾಸುಗಳ ಪ್ರದರ್ಶನ ಹಾಗೂ ಮಾರಾಟ ಜೋರಾಗಿ ನಡೆಯುತ್ತಿದೆ. ರಾಜ್ಯದ ವಿವಿಧ ಭಾಗಗಳಿಂದ ರೈತರು ತಮ್ಮ ರಾಸುಗಳನ್ನು ಕರೆತಂದಿದ್ದಾರೆ. ಹಳ್ಳಿಕಾರ್ ತಳಿಯ ಎತ್ತುಗಳಿಗೆ ಹೆಚ್ಚಿನ ಬೇಡಿಕೆ ಇದೆ. ಮಹಿಳೆಯರ ಕ್ರೀಡಾಕೂಟದಲ್ಲಿ ವಿಜೇತರಾದವರಿಗೆ ಬಹುಮಾನ ವಿತರಿಸಲಾಯಿತು. ಜಾತ್ರೆಗೆ ಸಾವಿರಾರು ಜನರು ಭೇಟಿ ನೀಡುತ್ತಿದ್ದಾರೆ. ಸಮಿತಿಯ ಅಧ್ಯಕ್ಷರು, ಪದಾಧಿಕಾರಿಗಳು, ಗ್ರಾಮ ಪಂಚಾಯಿತಿ ಸದಸ್ಯರು ಹಾಜರಿದ್ದರು. ವಿಜೇತರ ಪಟ್ಟಿ: ಮ್ಯೂಸಿಕಲ್ ಚೇರ್ ಸ್ಪರ್ಧೆಯಲ್ಲಿ ವಿಜೇತರಾದ ಮಹಿಳೆಯರು ಬಹುಮಾನ ಪಡೆದರು.
